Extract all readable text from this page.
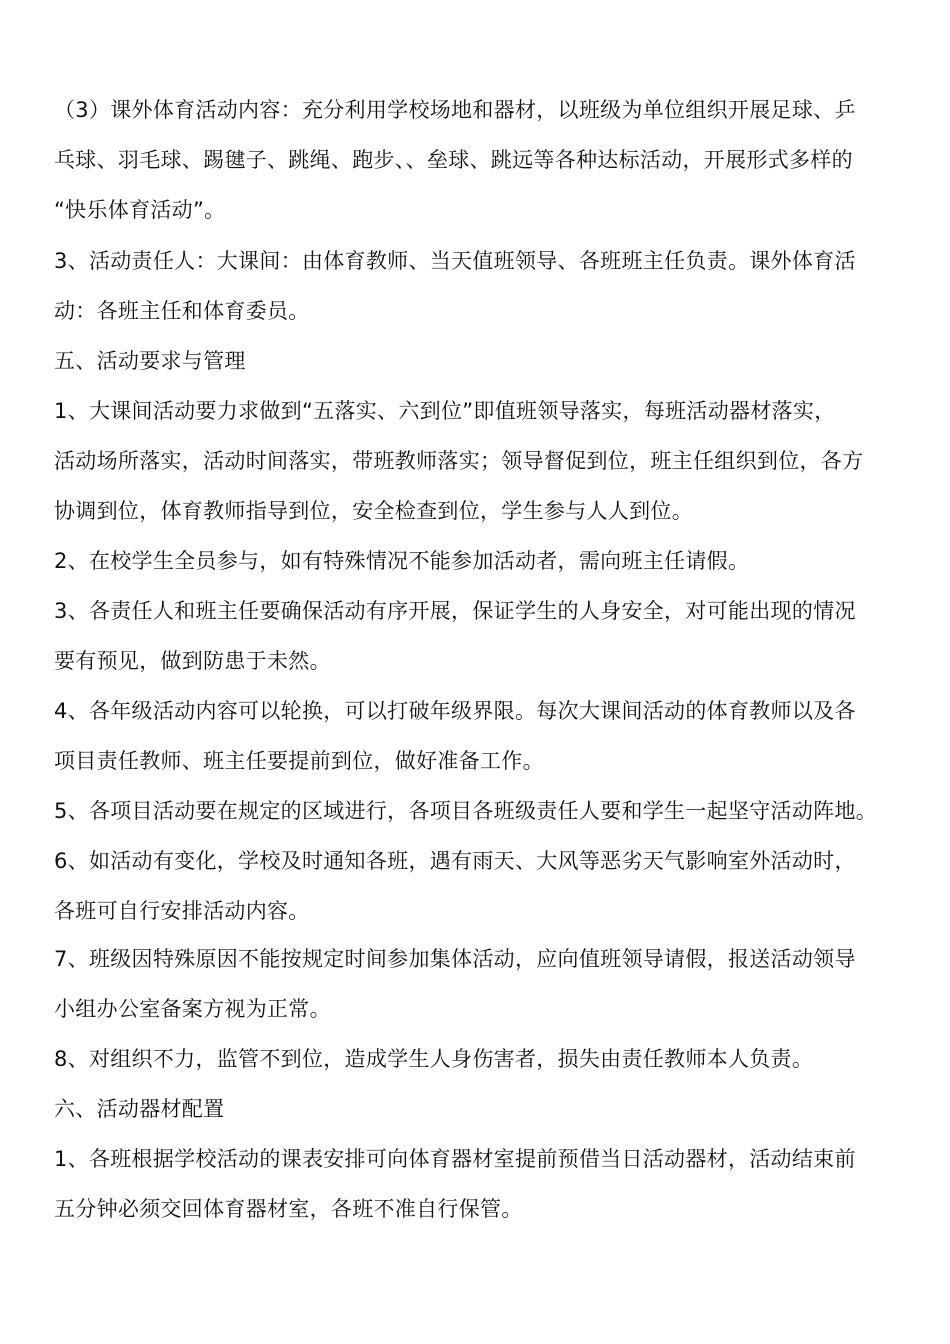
（3）课外体育活动内容：充分利用学校场地和器材，以班级为单位组织开展足球、乒
乓球、羽毛球、踢毽子、跳绳、跑步、、垒球、跳远等各种达标活动，开展形式多样的
“快乐体育活动”。
3、活动责任人：大课间：由体育教师、当天值班领导、各班班主任负责。课外体育活
动：各班主任和体育委员。
五、活动要求与管理
1、大课间活动要力求做到“五落实、六到位”即值班领导落实，每班活动器材落实，
活动场所落实，活动时间落实，带班教师落实；领导督促到位，班主任组织到位，各方
协调到位，体育教师指导到位，安全检查到位，学生参与人人到位。
2、在校学生全员参与，如有特殊情况不能参加活动者，需向班主任请假。
3、各责任人和班主任要确保活动有序开展，保证学生的人身安全，对可能出现的情况
要有预见，做到防患于未然。
4、各年级活动内容可以轮换，可以打破年级界限。每次大课间活动的体育教师以及各
项目责任教师、班主任要提前到位，做好准备工作。
5、各项目活动要在规定的区域进行，各项目各班级责任人要和学生一起坚守活动阵地。
6、如活动有变化，学校及时通知各班，遇有雨天、大风等恶劣天气影响室外活动时，
各班可自行安排活动内容。
7、班级因特殊原因不能按规定时间参加集体活动，应向值班领导请假，报送活动领导
小组办公室备案方视为正常。
8、对组织不力，监管不到位，造成学生人身伤害者，损失由责任教师本人负责。
六、活动器材配置
1、各班根据学校活动的课表安排可向体育器材室提前预借当日活动器材，活动结束前
五分钟必须交回体育器材室，各班不准自行保管。
